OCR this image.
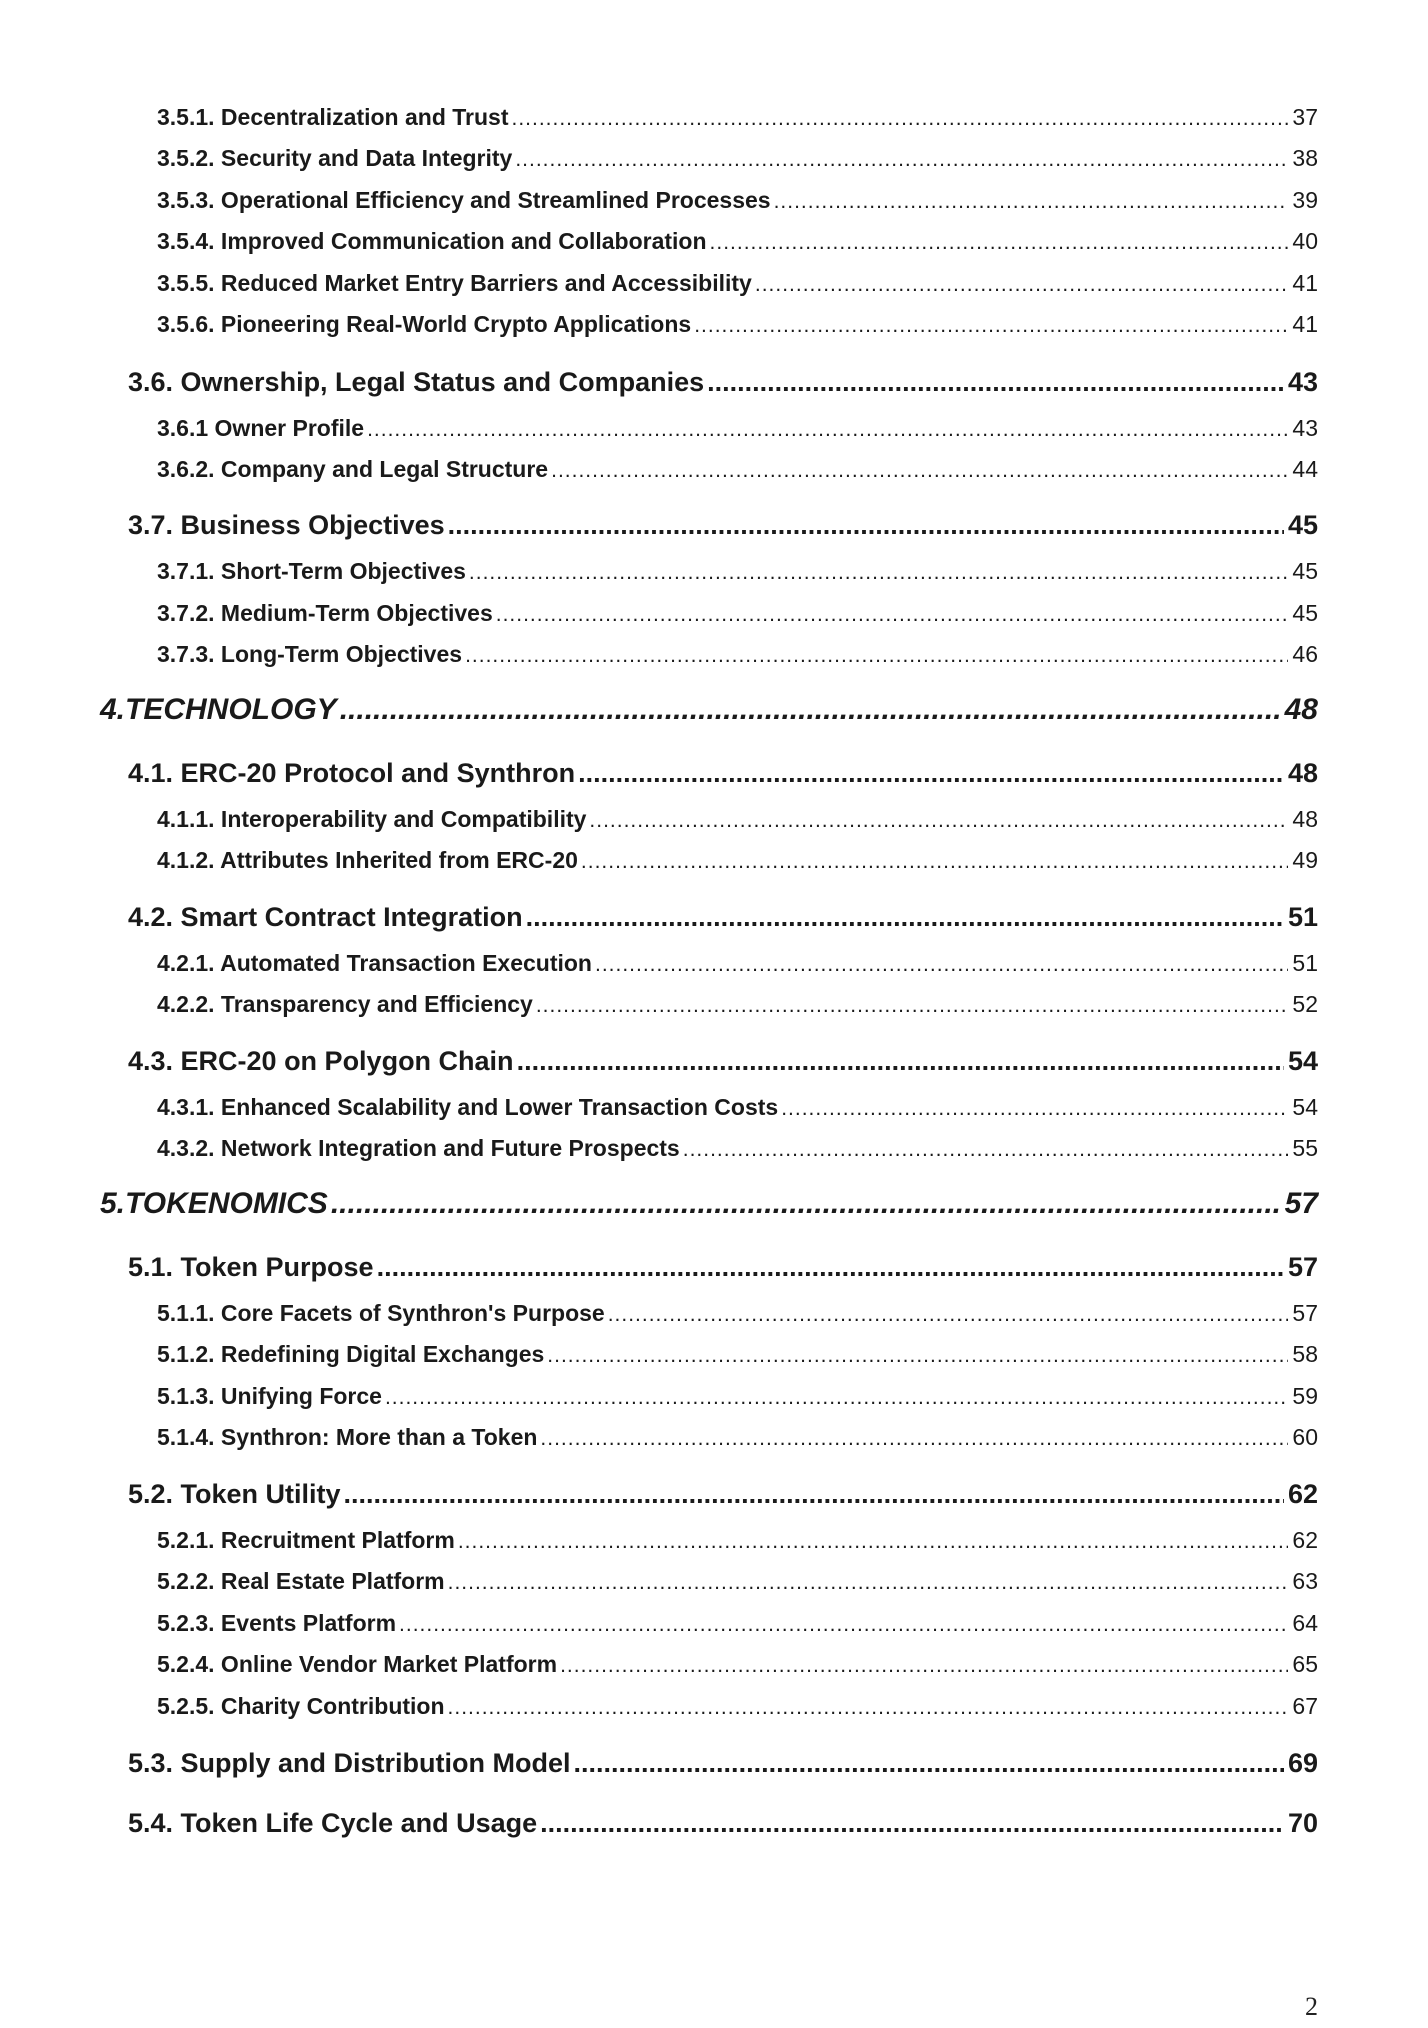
3.5.1. Decentralization and Trust .....	37
3.5.2. Security and Data Integrity .....	38
3.5.3. Operational Efficiency and Streamlined Processes .....	39
3.5.4. Improved Communication and Collaboration .....	40
3.5.5. Reduced Market Entry Barriers and Accessibility .....	41
3.5.6. Pioneering Real-World Crypto Applications .....	41
3.6. Ownership, Legal Status and Companies .....	43
3.6.1 Owner Profile .....	43
3.6.2. Company and Legal Structure .....	44
3.7. Business Objectives .....	45
3.7.1. Short-Term Objectives .....	45
3.7.2. Medium-Term Objectives .....	45
3.7.3. Long-Term Objectives .....	46
4.TECHNOLOGY .....	48
4.1. ERC-20 Protocol and Synthron .....	48
4.1.1. Interoperability and Compatibility .....	48
4.1.2. Attributes Inherited from ERC-20 .....	49
4.2. Smart Contract Integration .....	51
4.2.1. Automated Transaction Execution .....	51
4.2.2. Transparency and Efficiency .....	52
4.3. ERC-20 on Polygon Chain .....	54
4.3.1. Enhanced Scalability and Lower Transaction Costs .....	54
4.3.2. Network Integration and Future Prospects .....	55
5.TOKENOMICS .....	57
5.1. Token Purpose .....	57
5.1.1. Core Facets of Synthron's Purpose .....	57
5.1.2. Redefining Digital Exchanges .....	58
5.1.3. Unifying Force .....	59
5.1.4. Synthron: More than a Token .....	60
5.2. Token Utility .....	62
5.2.1. Recruitment Platform .....	62
5.2.2. Real Estate Platform .....	63
5.2.3. Events Platform .....	64
5.2.4. Online Vendor Market Platform .....	65
5.2.5. Charity Contribution .....	67
5.3. Supply and Distribution Model .....	69
5.4. Token Life Cycle and Usage .....	70
2
